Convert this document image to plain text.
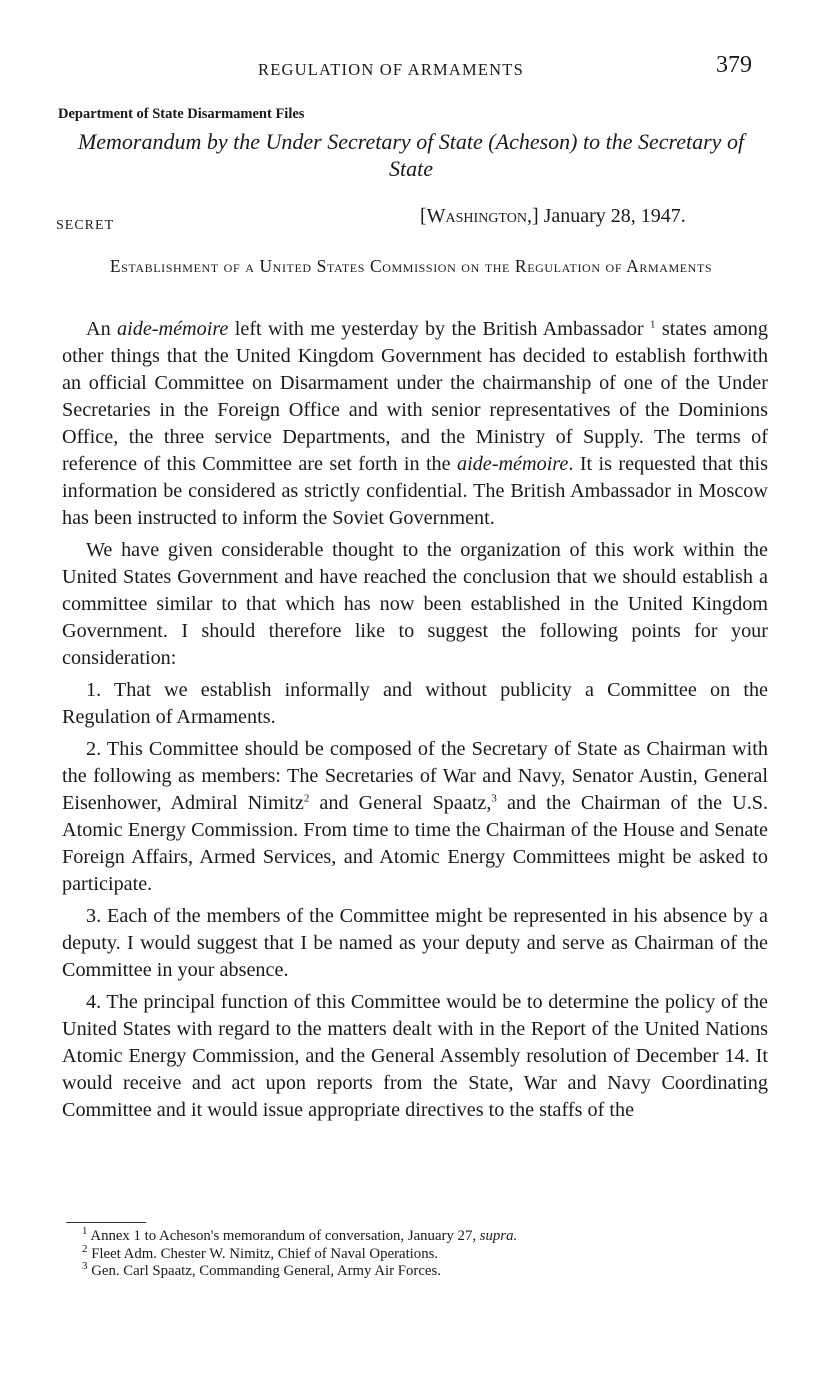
REGULATION OF ARMAMENTS	379
Department of State Disarmament Files
Memorandum by the Under Secretary of State (Acheson) to the Secretary of State
SECRET	[Washington,] January 28, 1947.
Establishment of a United States Commission on the Regulation of Armaments

An aide-mémoire left with me yesterday by the British Ambassador $^1$ states among other things that the United Kingdom Government has decided to establish forthwith an official Committee on Disarmament under the chairmanship of one of the Under Secretaries in the Foreign Office and with senior representatives of the Dominions Office, the three service Departments, and the Ministry of Supply. The terms of reference of this Committee are set forth in the aide-mémoire. It is requested that this information be considered as strictly confidential. The British Ambassador in Moscow has been instructed to inform the Soviet Government.

We have given considerable thought to the organization of this work within the United States Government and have reached the conclusion that we should establish a committee similar to that which has now been established in the United Kingdom Government. I should therefore like to suggest the following points for your consideration:

1. That we establish informally and without publicity a Committee on the Regulation of Armaments.

2. This Committee should be composed of the Secretary of State as Chairman with the following as members: The Secretaries of War and Navy, Senator Austin, General Eisenhower, Admiral Nimitz$^2$ and General Spaatz,$^3$ and the Chairman of the U.S. Atomic Energy Commission. From time to time the Chairman of the House and Senate Foreign Affairs, Armed Services, and Atomic Energy Committees might be asked to participate.

3. Each of the members of the Committee might be represented in his absence by a deputy. I would suggest that I be named as your deputy and serve as Chairman of the Committee in your absence.

4. The principal function of this Committee would be to determine the policy of the United States with regard to the matters dealt with in the Report of the United Nations Atomic Energy Commission, and the General Assembly resolution of December 14. It would receive and act upon reports from the State, War and Navy Coordinating Committee and it would issue appropriate directives to the staffs of the

$^1$ Annex 1 to Acheson's memorandum of conversation, January 27, supra.
$^2$ Fleet Adm. Chester W. Nimitz, Chief of Naval Operations.
$^3$ Gen. Carl Spaatz, Commanding General, Army Air Forces.
